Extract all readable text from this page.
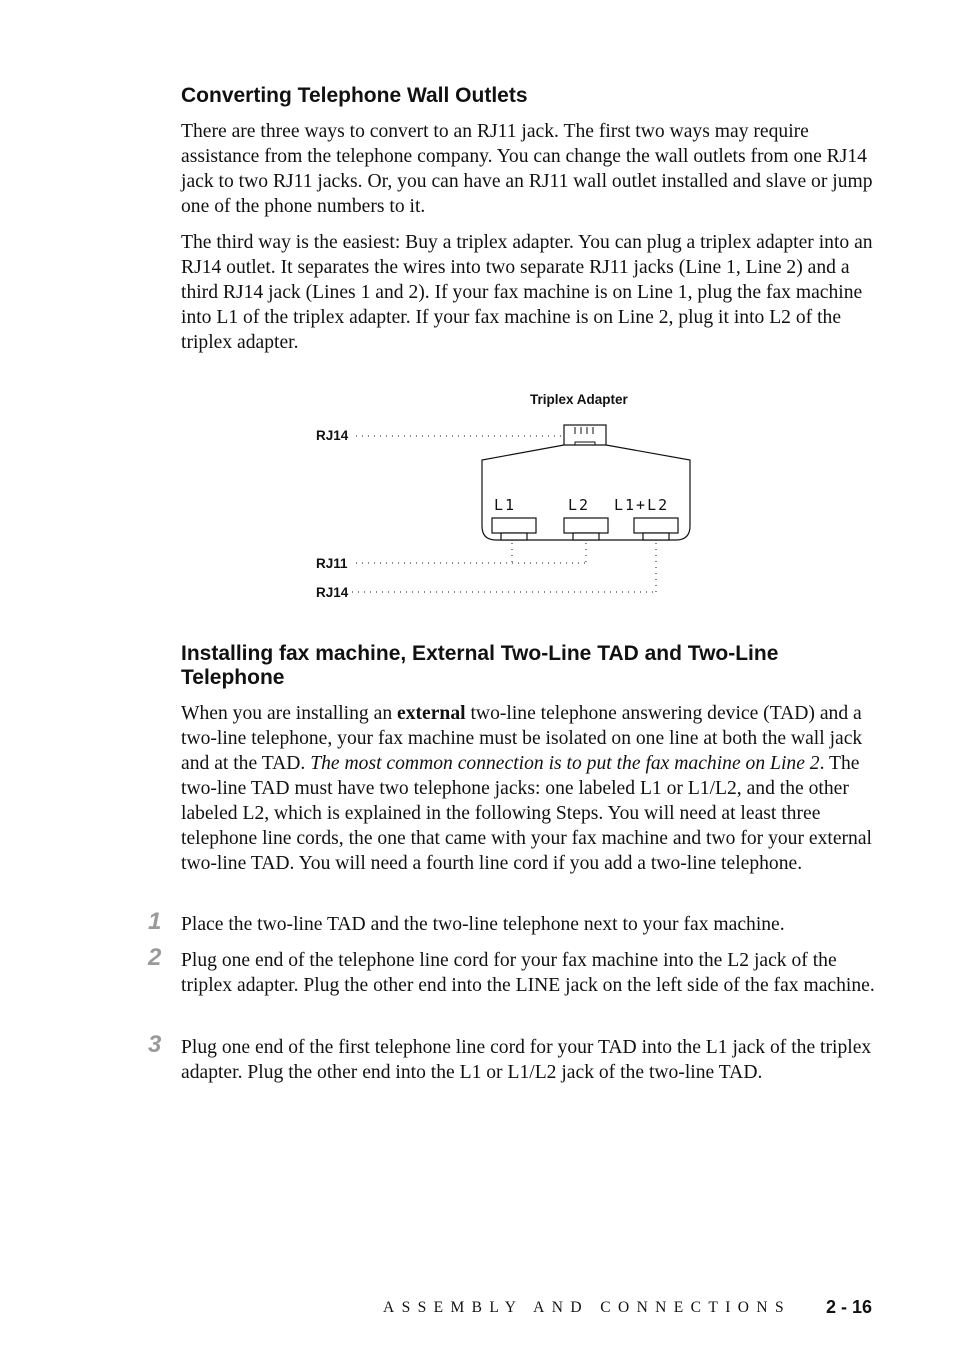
Converting Telephone Wall Outlets

There are three ways to convert to an RJ11 jack. The first two ways may require assistance from the telephone company. You can change the wall outlets from one RJ14 jack to two RJ11 jacks. Or, you can have an RJ11 wall outlet installed and slave or jump one of the phone numbers to it.

The third way is the easiest: Buy a triplex adapter. You can plug a triplex adapter into an RJ14 outlet. It separates the wires into two separate RJ11 jacks (Line 1, Line 2) and a third RJ14 jack (Lines 1 and 2). If your fax machine is on Line 1, plug the fax machine into L1 of the triplex adapter. If your fax machine is on Line 2, plug it into L2 of the triplex adapter.

Triplex Adapter
RJ14
L1	L2 L1+L2
RJ11
RJ14
Installing fax machine, External Two-Line TAD and Two-Line Telephone

When you are installing an external two-line telephone answering device (TAD) and a two-line telephone, your fax machine must be isolated on one line at both the wall jack and at the TAD. The most common connection is to put the fax machine on Line 2. The two-line TAD must have two telephone jacks: one labeled L1 or L1/L2, and the other labeled L2, which is explained in the following Steps. You will need at least three telephone line cords, the one that came with your fax machine and two for your external two-line TAD. You will need a fourth line cord if you add a two-line telephone.

1 Place the two-line TAD and the two-line telephone next to your fax machine.

2 Plug one end of the telephone line cord for your fax machine into the L2 jack of the triplex adapter. Plug the other end into the LINE jack on the left side of the fax machine.

3 Plug one end of the first telephone line cord for your TAD into the L1 jack of the triplex adapter. Plug the other end into the L1 or L1/L2 jack of the two-line TAD.

ASSEMBLY AND CONNECTIONS 2 - 16
